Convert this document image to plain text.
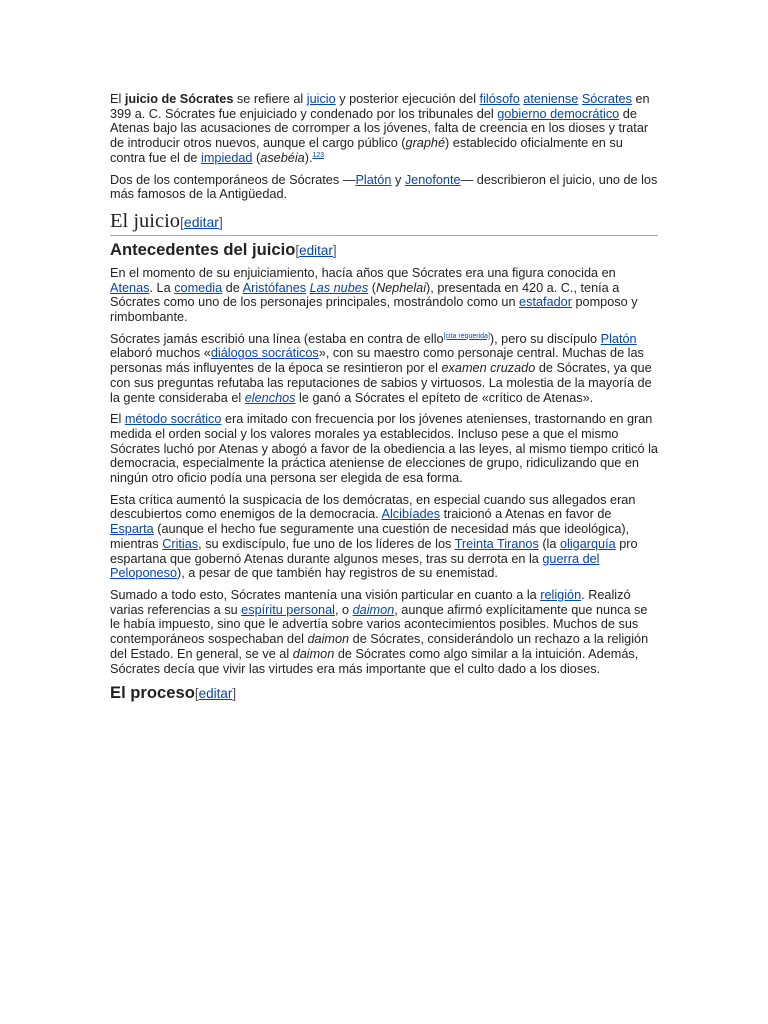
El juicio de Sócrates se refiere al juicio y posterior ejecución del filósofo ateniense Sócrates en 399 a. C. Sócrates fue enjuiciado y condenado por los tribunales del gobierno democrático de Atenas bajo las acusaciones de corromper a los jóvenes, falta de creencia en los dioses y tratar de introducir otros nuevos, aunque el cargo público (graphé) establecido oficialmente en su contra fue el de impiedad (asebéia).$^{123}$

Dos de los contemporáneos de Sócrates —Platón y Jenofonte— describieron el juicio, uno de los más famosos de la Antigüedad.

El juicio[editar]
Antecedentes del juicio[editar]

En el momento de su enjuiciamiento, hacía años que Sócrates era una figura conocida en Atenas. La comedia de Aristófanes Las nubes (Nephelai), presentada en 420 a. C., tenía a Sócrates como uno de los personajes principales, mostrándolo como un estafador pomposo y rimbombante.

Sócrates jamás escribió una línea (estaba en contra de ello[cita requerida]), pero su discípulo Platón elaboró muchos «diálogos socráticos», con su maestro como personaje central. Muchas de las personas más influyentes de la época se resintieron por el examen cruzado de Sócrates, ya que con sus preguntas refutaba las reputaciones de sabios y virtuosos. La molestia de la mayoría de la gente consideraba el elenchos le ganó a Sócrates el epíteto de «crítico de Atenas».

El método socrático era imitado con frecuencia por los jóvenes atenienses, trastornando en gran medida el orden social y los valores morales ya establecidos. Incluso pese a que el mismo Sócrates luchó por Atenas y abogó a favor de la obediencia a las leyes, al mismo tiempo criticó la democracia, especialmente la práctica ateniense de elecciones de grupo, ridiculizando que en ningún otro oficio podía una persona ser elegida de esa forma.

Esta crítica aumentó la suspicacia de los demócratas, en especial cuando sus allegados eran descubiertos como enemigos de la democracia. Alcibíades traicionó a Atenas en favor de Esparta (aunque el hecho fue seguramente una cuestión de necesidad más que ideológica), mientras Critias, su exdiscípulo, fue uno de los líderes de los Treinta Tiranos (la oligarquía pro espartana que gobernó Atenas durante algunos meses, tras su derrota en la guerra del Peloponeso), a pesar de que también hay registros de su enemistad.

Sumado a todo esto, Sócrates mantenía una visión particular en cuanto a la religión. Realizó varias referencias a su espíritu personal, o daimon, aunque afirmó explícitamente que nunca se le había impuesto, sino que le advertía sobre varios acontecimientos posibles. Muchos de sus contemporáneos sospechaban del daimon de Sócrates, considerándolo un rechazo a la religión del Estado. En general, se ve al daimon de Sócrates como algo similar a la intuición. Además, Sócrates decía que vivir las virtudes era más importante que el culto dado a los dioses.

El proceso[editar]
